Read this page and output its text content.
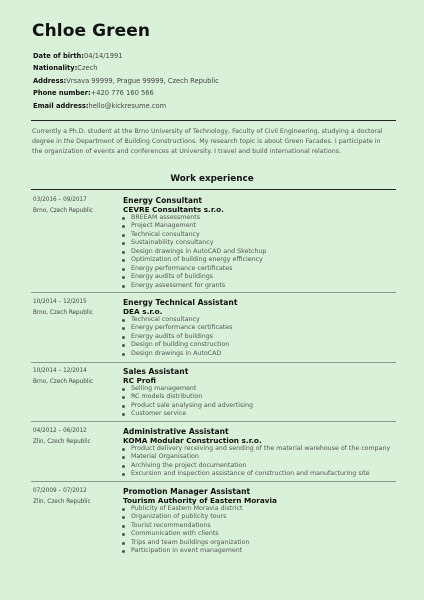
Chloe Green
Date of birth:04/14/1991
Nationality:Czech
Address:Vrsava 99999, Prague 99999, Czech Republic
Phone number:+420 776 160 566
Email address:hello@kickresume.com
Currently a Ph.D. student at the Brno University of Technology, Faculty of Civil Engineering, studying a doctoral degree in the Department of Building Constructions. My research topic is about Green Facades. I participate in the organization of events and conferences at University. I travel and build international relations.
Work experience
03/2016 – 09/2017
Brno, Czech Republic
Energy Consultant
CEVRE Consultants s.r.o.
BREEAM assessments
Project Management
Technical consultancy
Sustainability consultancy
Design drawings in AutoCAD and Sketchup
Optimization of building energy efficiency
Energy performance certificates
Energy audits of buildings
Energy assessment for grants
10/2014 – 12/2015
Brno, Czech Republic
Energy Technical Assistant
DEA s.r.o.
Technical consultancy
Energy performance certificates
Energy audits of buildings
Design of building construction
Design drawings in AutoCAD
10/2014 – 12/2014
Brno, Czech Republic
Sales Assistant
RC Profi
Selling management
RC models distribution
Product sale analysing and advertising
Customer service
04/2012 – 06/2012
Zlin, Czech Republic
Administrative Assistant
KOMA Modular Construction s.r.o.
Product delivery receiving and sending of the material warehouse of the company
Material Organisation
Archiving the project documentation
Excursion and inspection assistance of construction and manufacturing site
07/2009 – 07/2012
Zlin, Czech Republic
Promotion Manager Assistant
Tourism Authority of Eastern Moravia
Publicity of Eastern Moravia district
Organization of publicity tours
Tourist recommendations
Communication with clients
Trips and team buildings organization
Participation in event management
